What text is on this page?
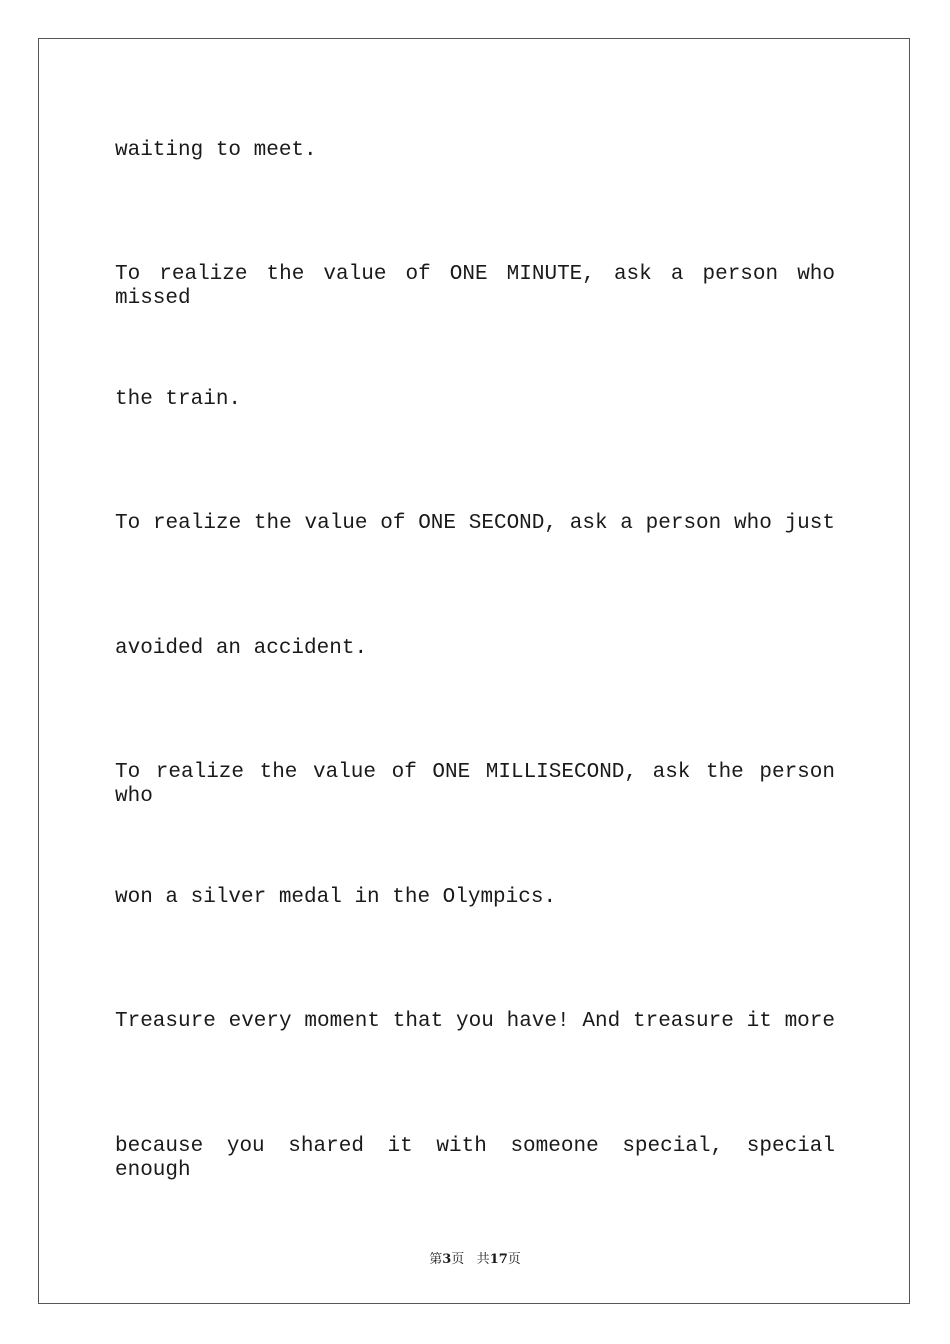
waiting to meet.
To realize the value of ONE MINUTE, ask a person who missed
the train.
To realize the value of ONE SECOND, ask a person who just
avoided an accident.
To realize the value of ONE MILLISECOND, ask the person who
won a silver medal in the Olympics.
Treasure every moment that you have! And treasure it more
because you shared it with someone special, special enough
第3页 共17页
